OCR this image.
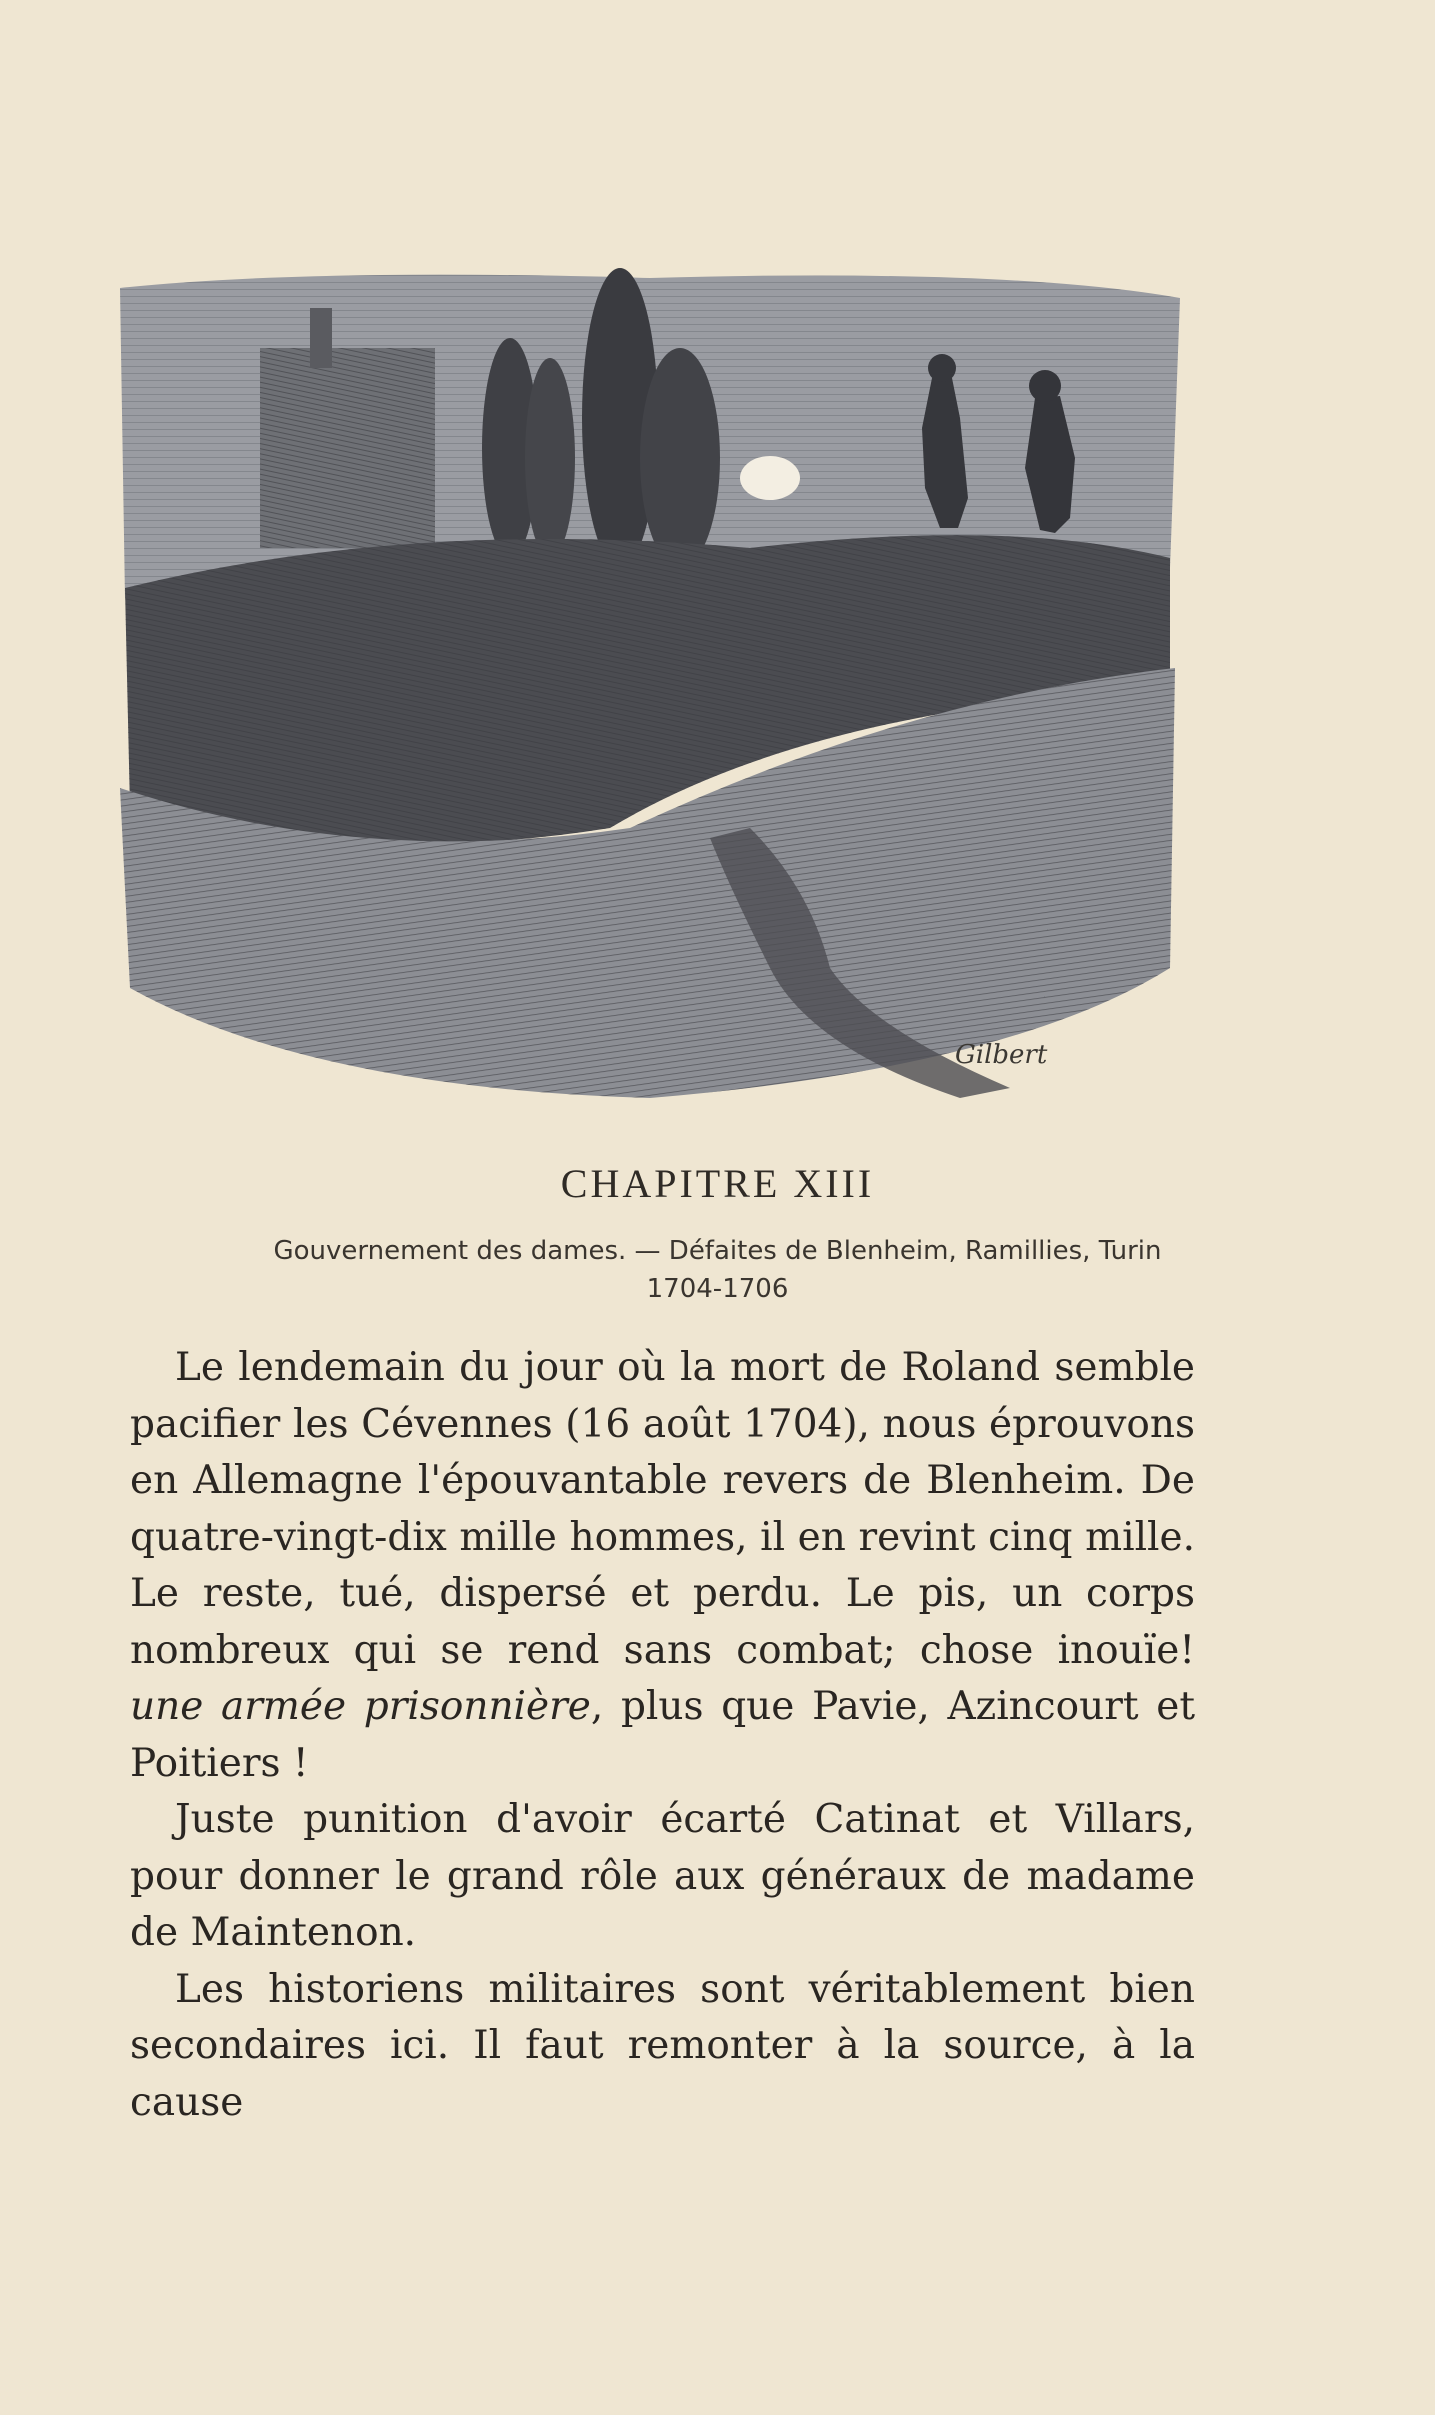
Gilbert
CHAPITRE XIII
Gouvernement des dames. — Défaites de Blenheim, Ramillies, Turin
1704-1706

Le lendemain du jour où la mort de Roland semble pacifier les Cévennes (16 août 1704), nous éprouvons en Allemagne l'épouvantable revers de Blenheim. De quatre-vingt-dix mille hommes, il en revint cinq mille. Le reste, tué, dispersé et perdu. Le pis, un corps nombreux qui se rend sans combat; chose inouïe! une armée prisonnière, plus que Pavie, Azincourt et Poitiers !

Juste punition d'avoir écarté Catinat et Villars, pour donner le grand rôle aux généraux de madame de Maintenon.

Les historiens militaires sont véritablement bien secondaires ici. Il faut remonter à la source, à la cause
